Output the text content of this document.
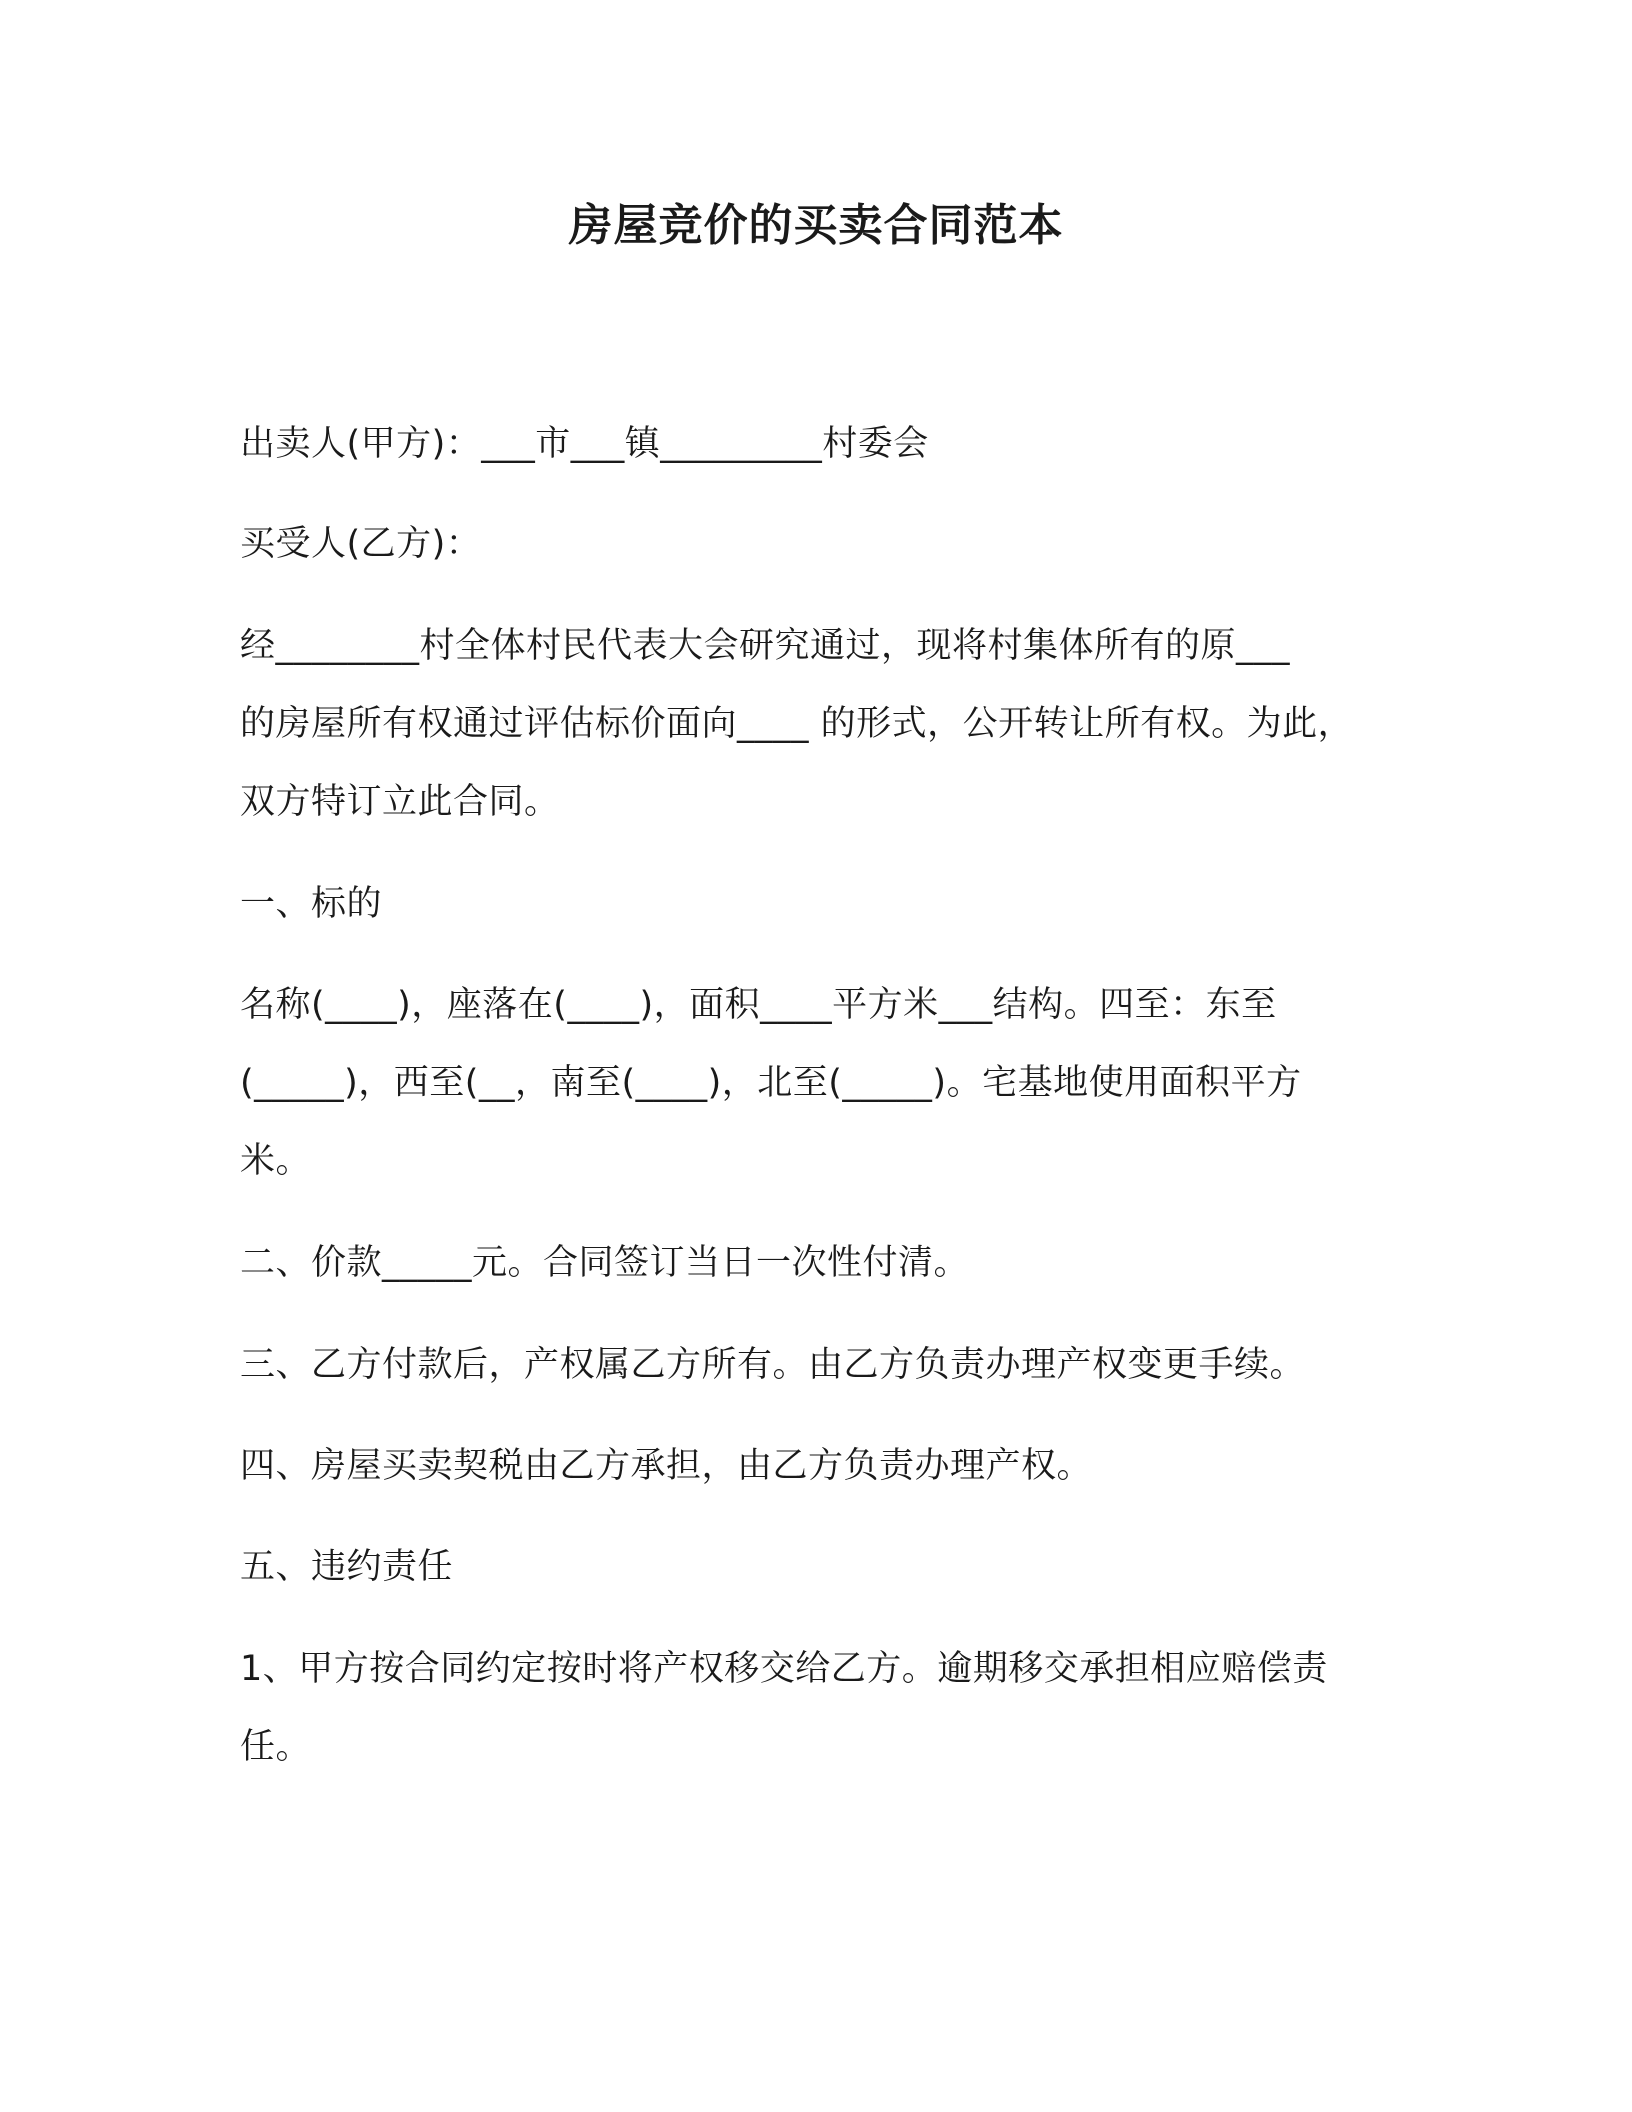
房屋竞价的买卖合同范本
出卖人(甲方)：___市___镇_________村委会
买受人(乙方)：
经________村全体村民代表大会研究通过，现将村集体所有的原___
的房屋所有权通过评估标价面向____ 的形式，公开转让所有权。为此，
双方特订立此合同。
一、标的
名称(____)，座落在(____)，面积____平方米___结构。四至：东至
(_____)，西至(__，南至(____)，北至(_____)。宅基地使用面积平方
米。
二、价款_____元。合同签订当日一次性付清。
三、乙方付款后，产权属乙方所有。由乙方负责办理产权变更手续。
四、房屋买卖契税由乙方承担，由乙方负责办理产权。
五、违约责任
1、甲方按合同约定按时将产权移交给乙方。逾期移交承担相应赔偿责
任。
